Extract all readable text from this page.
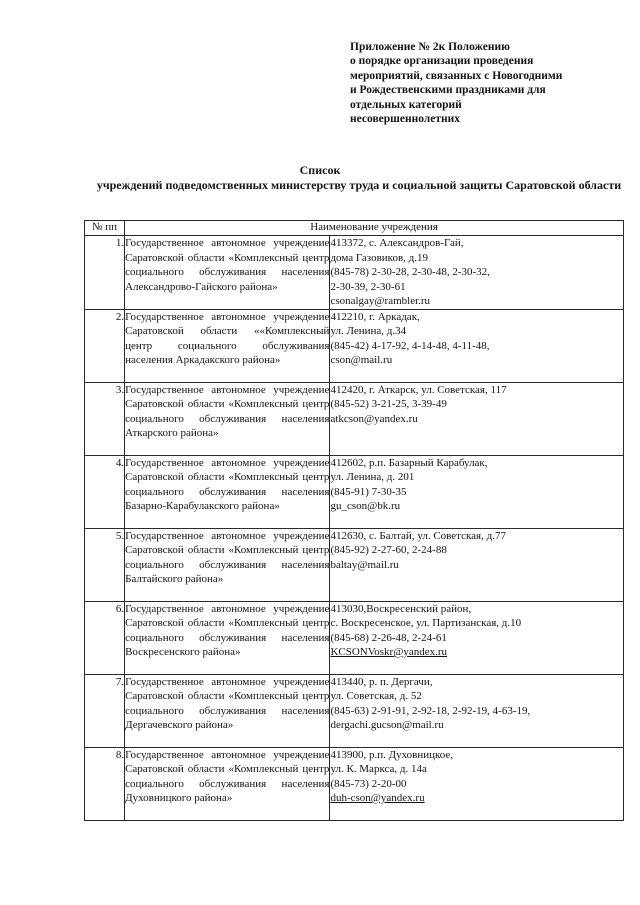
Приложение № 2к Положению
о порядке организации проведения
мероприятий, связанных с Новогодними
и Рождественскими праздниками для
отдельных категорий
несовершеннолетних
Список
учреждений подведомственных министерству труда и социальной защиты Саратовской области
№ пп	Наименование учреждения	
1.	Государственное автономное учреждение Саратовской области «Комплексный центр социального обслуживания населения Александрово-Гайского района»	413372, с. Александров-Гай,
дома Газовиков, д.19
(845-78) 2-30-28, 2-30-48, 2-30-32,
2-30-39, 2-30-61
csonalgay@rambler.ru

2.	Государственное автономное учреждение Саратовской области ««Комплексный центр социального обслуживания населения Аркадакского района»	412210, г. Аркадак,
ул. Ленина, д.34
(845-42) 4-17-92, 4-14-48, 4-11-48,
cson@mail.ru

3.	Государственное автономное учреждение Саратовской области «Комплексный центр социального обслуживания населения Аткарского района»	412420, г. Аткарск, ул. Советская, 117
(845-52) 3-21-25, 3-39-49
atkcson@yandex.ru

4.	Государственное автономное учреждение Саратовской области «Комплексный центр социального обслуживания населения Базарно-Карабулакского района»	412602, р.п. Базарный Карабулак,
ул. Ленина, д. 201
(845-91) 7-30-35
gu_cson@bk.ru

5.	Государственное автономное учреждение Саратовской области «Комплексный центр социального обслуживания населения Балтайского района»	412630, с. Балтай, ул. Советская, д.77
(845-92) 2-27-60, 2-24-88
baltay@mail.ru

6.	Государственное автономное учреждение Саратовской области «Комплексный центр социального обслуживания населения Воскресенского района»	413030,Воскресенский район,
с. Воскресенское, ул. Партизанская, д.10
(845-68) 2-26-48, 2-24-61
KCSONVoskr@yandex.ru

7.	Государственное автономное учреждение Саратовской области «Комплексный центр социального обслуживания населения Дергачевского района»	413440, р. п. Дергачи,
ул. Советская, д. 52
(845-63) 2-91-91, 2-92-18, 2-92-19, 4-63-19,
dergachi.gucson@mail.ru

8.	Государственное автономное учреждение Саратовской области «Комплексный центр социального обслуживания населения Духовницкого района»	413900, р.п. Духовницкое,
ул. К. Маркса, д. 14а
(845-73) 2-20-00
duh-cson@yandex.ru
